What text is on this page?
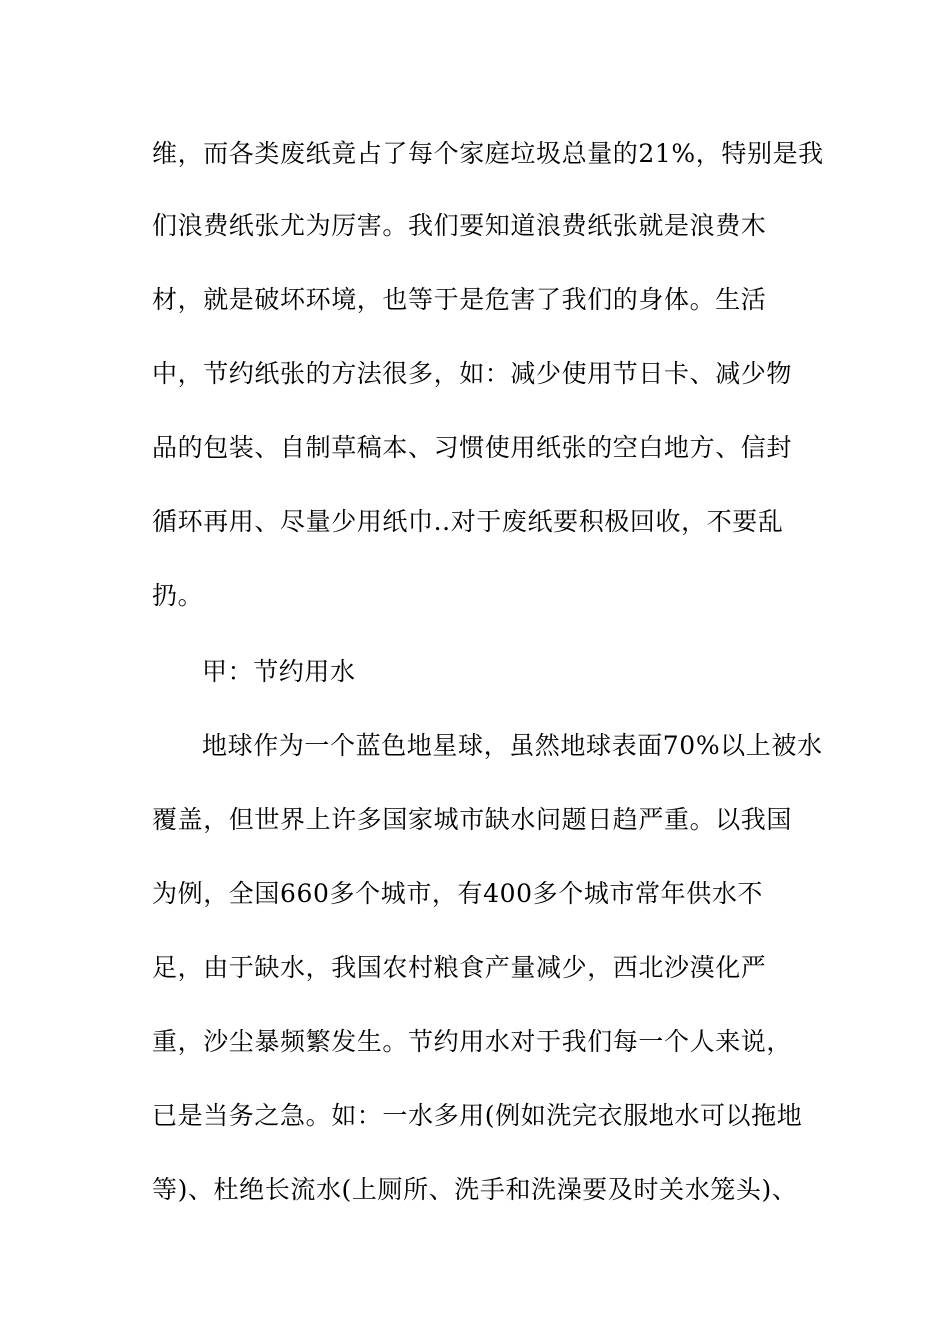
维，而各类废纸竟占了每个家庭垃圾总量的21%，特别是我
们浪费纸张尤为厉害。我们要知道浪费纸张就是浪费木
材，就是破坏环境，也等于是危害了我们的身体。生活
中，节约纸张的方法很多，如：减少使用节日卡、减少物
品的包装、自制草稿本、习惯使用纸张的空白地方、信封
循环再用、尽量少用纸巾..对于废纸要积极回收，不要乱
扔。
甲：节约用水
地球作为一个蓝色地星球，虽然地球表面70%以上被水
覆盖，但世界上许多国家城市缺水问题日趋严重。以我国
为例，全国660多个城市，有400多个城市常年供水不
足，由于缺水，我国农村粮食产量减少，西北沙漠化严
重，沙尘暴频繁发生。节约用水对于我们每一个人来说，
已是当务之急。如：一水多用(例如洗完衣服地水可以拖地
等)、杜绝长流水(上厕所、洗手和洗澡要及时关水笼头)、
